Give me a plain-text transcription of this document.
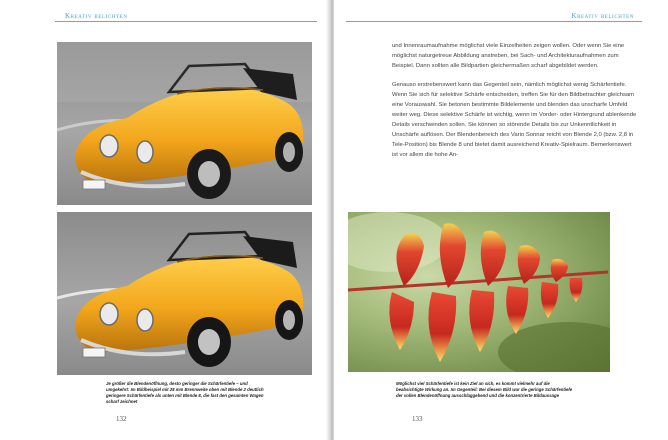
Kreativ belichten
Je größer die Blendenöffnung, desto geringer die Schärfentiefe – und umgekehrt: Im Bildbeispiel mit 28 mm Brennweite oben mit Blende 2 deutlich geringere Schärfentiefe als unten mit Blende 8, die fast den gesamten Wagen scharf zeichnet
132
Kreativ belichten

und Innenraumaufnahme möglichst viele Einzelheiten zeigen wollen. Oder wenn Sie eine möglichst naturgetreue Abbildung anstreben, bei Sach- und Architekturaufnahmen zum Beispiel. Dann sollten alle Bildpartien gleichermaßen scharf abgebildet werden.

Genauso erstrebenswert kann das Gegenteil sein, nämlich möglichst wenig Schärfentiefe. Wenn Sie sich für selektive Schärfe entscheiden, treffen Sie für den Bildbetrachter gleichsam eine Vorauswahl. Sie betonen bestimmte Bildelemente und blenden das unscharfe Umfeld weiter weg. Diese selektive Schärfe ist wichtig, wenn im Vorder- oder Hintergrund ablenkende Details verschwinden sollen. Sie können so störende Details bis zur Unkenntlichkeit in Unschärfe auflösen. Der Blendenbereich des Vario Sonnar reicht von Blende 2,0 (bzw. 2,8 in Tele-Position) bis Blende 8 und bietet damit ausreichend Kreativ-Spielraum. Bemerkenswert ist vor allem die hohe An-

Möglichst viel Schärfentiefe ist kein Ziel an sich, es kommt vielmehr auf die beabsichtigte Wirkung an. Im Gegenteil: Bei diesem Bild war die geringe Schärfentiefe der vollen Blendenöffnung ausschlaggebend und die konzentrierte Bildaussage
133
